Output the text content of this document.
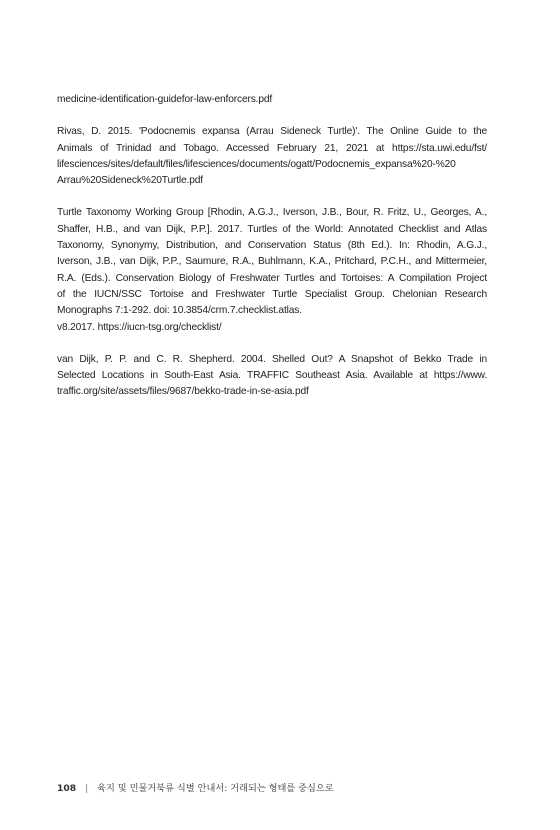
medicine-identification-guidefor-law-enforcers.pdf
Rivas, D. 2015. 'Podocnemis expansa (Arrau Sideneck Turtle)'. The Online Guide to the
Animals of Trinidad and Tobago. Accessed February 21, 2021 at https://sta.uwi.edu/fst/
lifesciences/sites/default/files/lifesciences/documents/ogatt/Podocnemis_expansa%20-%20
Arrau%20Sideneck%20Turtle.pdf
Turtle Taxonomy Working Group [Rhodin, A.G.J., Iverson, J.B., Bour, R. Fritz, U., Georges, A.,
Shaffer, H.B., and van Dijk, P.P.]. 2017. Turtles of the World: Annotated Checklist and Atlas
Taxonomy, Synonymy, Distribution, and Conservation Status (8th Ed.). In: Rhodin, A.G.J.,
Iverson, J.B., van Dijk, P.P., Saumure, R.A., Buhlmann, K.A., Pritchard, P.C.H., and Mittermeier,
R.A. (Eds.). Conservation Biology of Freshwater Turtles and Tortoises: A Compilation Project
of the IUCN/SSC Tortoise and Freshwater Turtle Specialist Group. Chelonian Research
Monographs 7:1-292. doi: 10.3854/crm.7.checklist.atlas.
v8.2017. https://iucn-tsg.org/checklist/
van Dijk, P. P. and C. R. Shepherd. 2004. Shelled Out? A Snapshot of Bekko Trade in
Selected Locations in South-East Asia. TRAFFIC Southeast Asia. Available at https://www.
traffic.org/site/assets/files/9687/bekko-trade-in-se-asia.pdf
108 | 육지 및 민물거북류 식별 안내서: 거래되는 형태를 중심으로
